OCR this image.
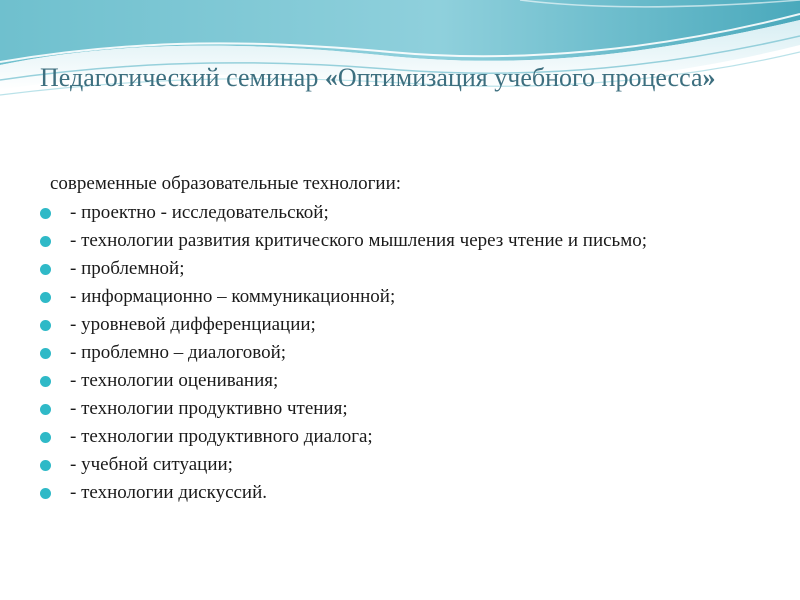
Педагогический семинар «Оптимизация учебного процесса»
современные образовательные технологии:
- проектно - исследовательской;
- технологии развития критического мышления через чтение и письмо;
- проблемной;
- информационно – коммуникационной;
- уровневой дифференциации;
- проблемно – диалоговой;
- технологии оценивания;
- технологии продуктивно чтения;
- технологии продуктивного диалога;
- учебной ситуации;
- технологии дискуссий.
